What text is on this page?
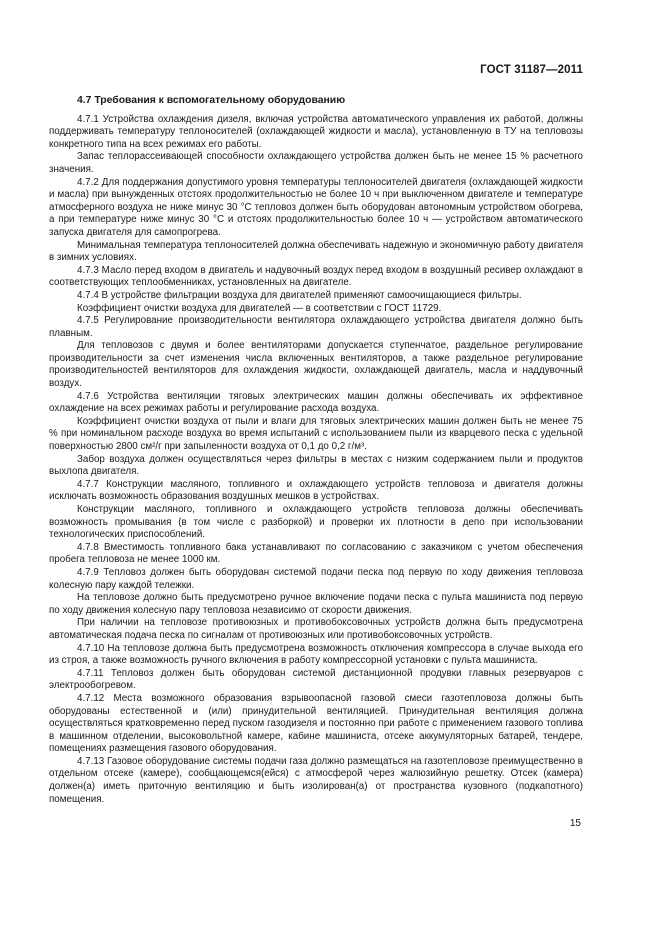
ГОСТ 31187—2011
4.7 Требования к вспомогательному оборудованию

4.7.1 Устройства охлаждения дизеля, включая устройства автоматического управления их работой, должны поддерживать температуру теплоносителей (охлаждающей жидкости и масла), установленную в ТУ на тепловозы конкретного типа на всех режимах его работы.

Запас теплорассеивающей способности охлаждающего устройства должен быть не менее 15 % расчетного значения.

4.7.2 Для поддержания допустимого уровня температуры теплоносителей двигателя (охлаждающей жидкости и масла) при вынужденных отстоях продолжительностью не более 10 ч при выключенном двигателе и температуре атмосферного воздуха не ниже минус 30 °С тепловоз должен быть оборудован автономным устройством обогрева, а при температуре ниже минус 30 °С и отстоях продолжительностью более 10 ч — устройством автоматического запуска двигателя для самопрогрева.

Минимальная температура теплоносителей должна обеспечивать надежную и экономичную работу двигателя в зимних условиях.

4.7.3 Масло перед входом в двигатель и надувочный воздух перед входом в воздушный ресивер охлаждают в соответствующих теплообменниках, установленных на двигателе.

4.7.4 В устройстве фильтрации воздуха для двигателей применяют самоочищающиеся фильтры.

Коэффициент очистки воздуха для двигателей — в соответствии с ГОСТ 11729.

4.7.5 Регулирование производительности вентилятора охлаждающего устройства двигателя должно быть плавным.

Для тепловозов с двумя и более вентиляторами допускается ступенчатое, раздельное регулирование производительности за счет изменения числа включенных вентиляторов, а также раздельное регулирование производительностей вентиляторов для охлаждения жидкости, охлаждающей двигатель, масла и наддувочный воздух.

4.7.6 Устройства вентиляции тяговых электрических машин должны обеспечивать их эффективное охлаждение на всех режимах работы и регулирование расхода воздуха.

Коэффициент очистки воздуха от пыли и влаги для тяговых электрических машин должен быть не менее 75 % при номинальном расходе воздуха во время испытаний с использованием пыли из кварцевого песка с удельной поверхностью 2800 см²/г при запыленности воздуха от 0,1 до 0,2 г/м³.

Забор воздуха должен осуществляться через фильтры в местах с низким содержанием пыли и продуктов выхлопа двигателя.

4.7.7 Конструкции масляного, топливного и охлаждающего устройств тепловоза и двигателя должны исключать возможность образования воздушных мешков в устройствах.

Конструкции масляного, топливного и охлаждающего устройств тепловоза должны обеспечивать возможность промывания (в том числе с разборкой) и проверки их плотности в депо при использовании технологических приспособлений.

4.7.8 Вместимость топливного бака устанавливают по согласованию с заказчиком с учетом обеспечения пробега тепловоза не менее 1000 км.

4.7.9 Тепловоз должен быть оборудован системой подачи песка под первую по ходу движения тепловоза колесную пару каждой тележки.

На тепловозе должно быть предусмотрено ручное включение подачи песка с пульта машиниста под первую по ходу движения колесную пару тепловоза независимо от скорости движения.

При наличии на тепловозе противоюзных и противобоксовочных устройств должна быть предусмотрена автоматическая подача песка по сигналам от противоюзных или противобоксовочных устройств.

4.7.10 На тепловозе должна быть предусмотрена возможность отключения компрессора в случае выхода его из строя, а также возможность ручного включения в работу компрессорной установки с пульта машиниста.

4.7.11 Тепловоз должен быть оборудован системой дистанционной продувки главных резервуаров с электрообогревом.

4.7.12 Места возможного образования взрывоопасной газовой смеси газотепловоза должны быть оборудованы естественной и (или) принудительной вентиляцией. Принудительная вентиляция должна осуществляться кратковременно перед пуском газодизеля и постоянно при работе с применением газового топлива в машинном отделении, высоковольтной камере, кабине машиниста, отсеке аккумуляторных батарей, тендере, помещениях размещения газового оборудования.

4.7.13 Газовое оборудование системы подачи газа должно размещаться на газотепловозе преимущественно в отдельном отсеке (камере), сообщающемся(ейся) с атмосферой через жалюзийную решетку. Отсек (камера) должен(а) иметь приточную вентиляцию и быть изолирован(а) от пространства кузовного (подкапотного) помещения.

15
